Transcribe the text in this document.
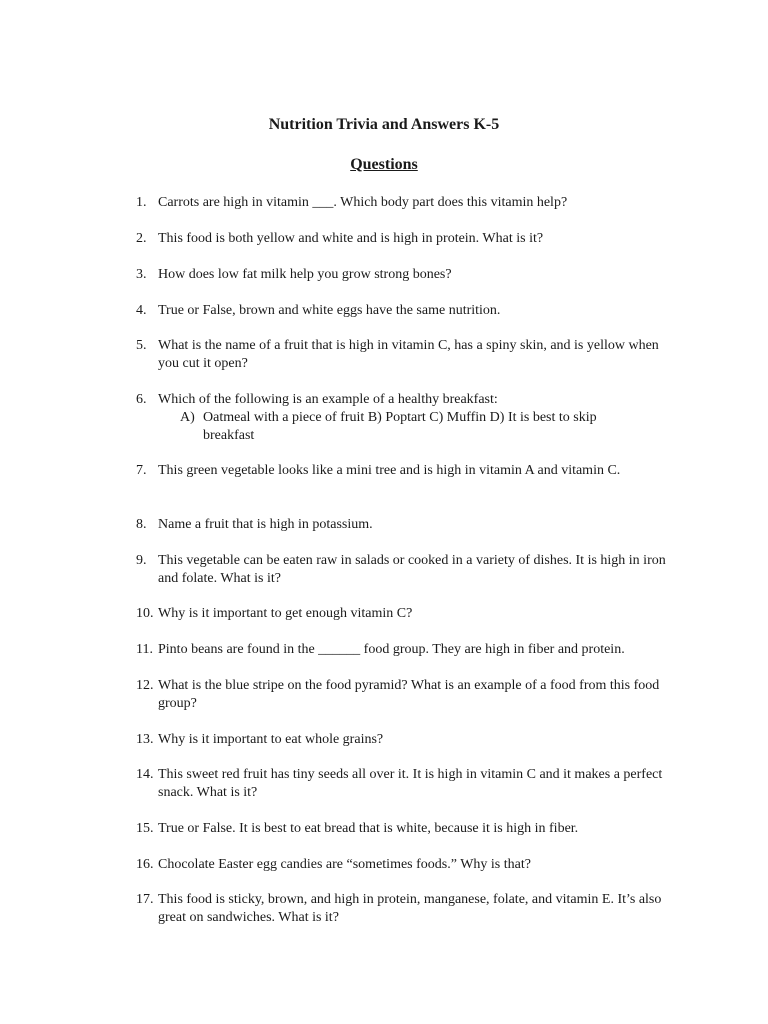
Nutrition Trivia and Answers K-5
Questions
1. Carrots are high in vitamin ___. Which body part does this vitamin help?
2. This food is both yellow and white and is high in protein. What is it?
3. How does low fat milk help you grow strong bones?
4. True or False, brown and white eggs have the same nutrition.
5. What is the name of a fruit that is high in vitamin C, has a spiny skin, and is yellow when you cut it open?
6. Which of the following is an example of a healthy breakfast:
A) Oatmeal with a piece of fruit B) Poptart C) Muffin D) It is best to skip breakfast
7. This green vegetable looks like a mini tree and is high in vitamin A and vitamin C.
8. Name a fruit that is high in potassium.
9. This vegetable can be eaten raw in salads or cooked in a variety of dishes. It is high in iron and folate. What is it?
10. Why is it important to get enough vitamin C?
11. Pinto beans are found in the ______ food group. They are high in fiber and protein.
12. What is the blue stripe on the food pyramid? What is an example of a food from this food group?
13. Why is it important to eat whole grains?
14. This sweet red fruit has tiny seeds all over it. It is high in vitamin C and it makes a perfect snack. What is it?
15. True or False. It is best to eat bread that is white, because it is high in fiber.
16. Chocolate Easter egg candies are “sometimes foods.” Why is that?
17. This food is sticky, brown, and high in protein, manganese, folate, and vitamin E. It’s also great on sandwiches. What is it?
